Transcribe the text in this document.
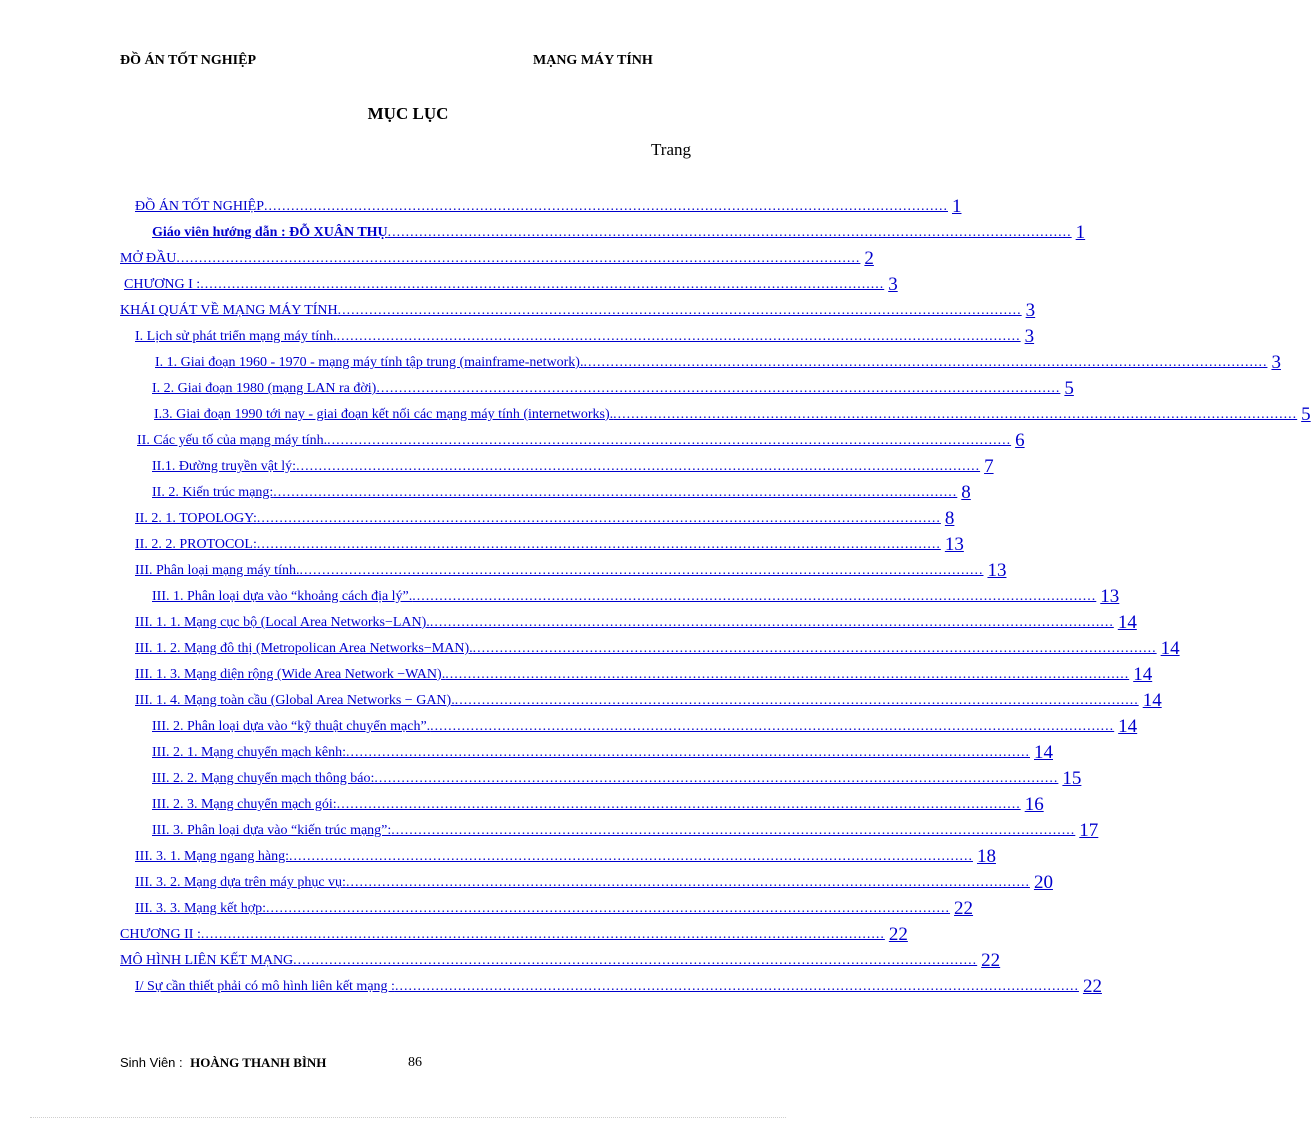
ĐỒ ÁN TỐT NGHIỆP	MẠNG MÁY TÍNH
MỤC LỤC
Trang
ĐỒ ÁN TỐT NGHIỆP ........................................................................................................................................................ 1
Giáo viên hướng dẫn : ĐỖ XUÂN THỤ ........................................................................................................................................................ 1
MỞ ĐẦU ........................................................................................................................................................ 2
CHƯƠNG I : ........................................................................................................................................................ 3
KHÁI QUÁT VỀ MẠNG MÁY TÍNH ........................................................................................................................................................ 3
I. Lịch sử phát triển mạng máy tính. ........................................................................................................................................................ 3
I. 1. Giai đoạn 1960 - 1970 - mạng máy tính tập trung (mainframe-network). ........................................................................................................................................................ 3
I. 2. Giai đoạn 1980 (mạng LAN ra đời) ........................................................................................................................................................ 5
I.3. Giai đoạn 1990 tới nay - giai đoạn kết nối các mạng máy tính (internetworks). ........................................................................................................................................................ 5
II. Các yếu tố của mạng máy tính. ........................................................................................................................................................ 6
II.1. Đường truyền vật lý: ........................................................................................................................................................ 7
II. 2. Kiến trúc mạng: ........................................................................................................................................................ 8
II. 2. 1. TOPOLOGY: ........................................................................................................................................................ 8
II. 2. 2. PROTOCOL: ........................................................................................................................................................ 13
III. Phân loại mạng máy tính. ........................................................................................................................................................ 13
III. 1. Phân loại dựa vào “khoảng cách địa lý”. ........................................................................................................................................................ 13
III. 1. 1. Mạng cục bộ (Local Area Networks−LAN). ........................................................................................................................................................ 14
III. 1. 2. Mạng đô thị (Metropolican Area Networks−MAN). ........................................................................................................................................................ 14
III. 1. 3. Mạng diện rộng (Wide Area Network −WAN). ........................................................................................................................................................ 14
III. 1. 4. Mạng toàn cầu (Global Area Networks − GAN). ........................................................................................................................................................ 14
III. 2. Phân loại dựa vào “kỹ thuật chuyển mạch”. ........................................................................................................................................................ 14
III. 2. 1. Mạng chuyển mạch kênh: ........................................................................................................................................................ 14
III. 2. 2. Mạng chuyển mạch thông báo: ........................................................................................................................................................ 15
III. 2. 3. Mạng chuyển mạch gói: ........................................................................................................................................................ 16
III. 3. Phân loại dựa vào “kiến trúc mạng”: ........................................................................................................................................................ 17
III. 3. 1. Mạng ngang hàng: ........................................................................................................................................................ 18
III. 3. 2. Mạng dựa trên máy phục vụ: ........................................................................................................................................................ 20
III. 3. 3. Mạng kết hợp: ........................................................................................................................................................ 22
CHƯƠNG II : ........................................................................................................................................................ 22
MÔ HÌNH LIÊN KẾT MẠNG ........................................................................................................................................................ 22
I/ Sự cần thiết phải có mô hình liên kết mạng : ........................................................................................................................................................ 22
Sinh Viên : HOÀNG THANH BÌNH	86
